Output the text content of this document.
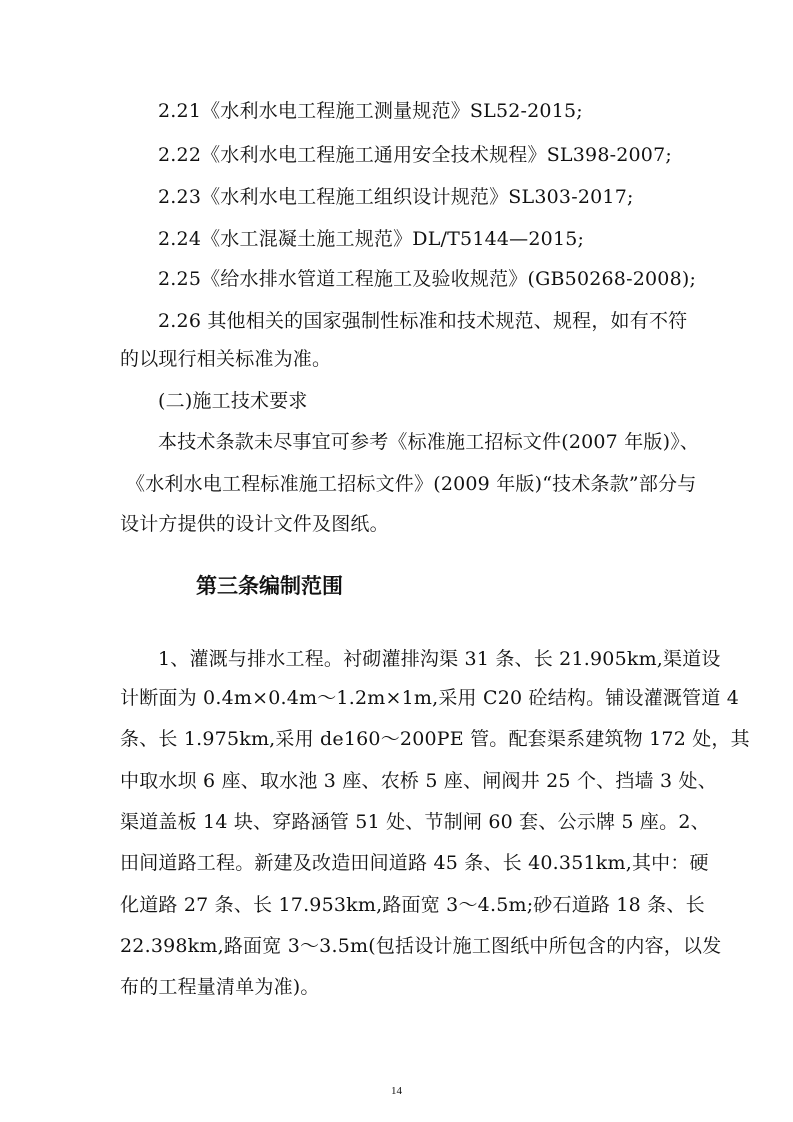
2.21《水利水电工程施工测量规范》SL52-2015;
2.22《水利水电工程施工通用安全技术规程》SL398-2007;
2.23《水利水电工程施工组织设计规范》SL303-2017;
2.24《水工混凝土施工规范》DL/T5144—2015;
2.25《给水排水管道工程施工及验收规范》(GB50268-2008);
2.26 其他相关的国家强制性标准和技术规范、规程，如有不符
的以现行相关标准为准。
(二)施工技术要求
本技术条款未尽事宜可参考《标准施工招标文件(2007 年版)》、
《水利水电工程标准施工招标文件》(2009 年版)“技术条款”部分与
设计方提供的设计文件及图纸。
第三条编制范围
1、灌溉与排水工程。衬砌灌排沟渠 31 条、长 21.905km,渠道设
计断面为 0.4m×0.4m～1.2m×1m,采用 C20 砼结构。铺设灌溉管道 4
条、长 1.975km,采用 de160～200PE 管。配套渠系建筑物 172 处，其
中取水坝 6 座、取水池 3 座、农桥 5 座、闸阀井 25 个、挡墙 3 处、
渠道盖板 14 块、穿路涵管 51 处、节制闸 60 套、公示牌 5 座。2、
田间道路工程。新建及改造田间道路 45 条、长 40.351km,其中：硬
化道路 27 条、长 17.953km,路面宽 3～4.5m;砂石道路 18 条、长
22.398km,路面宽 3～3.5m(包括设计施工图纸中所包含的内容，以发
布的工程量清单为准)。
14
